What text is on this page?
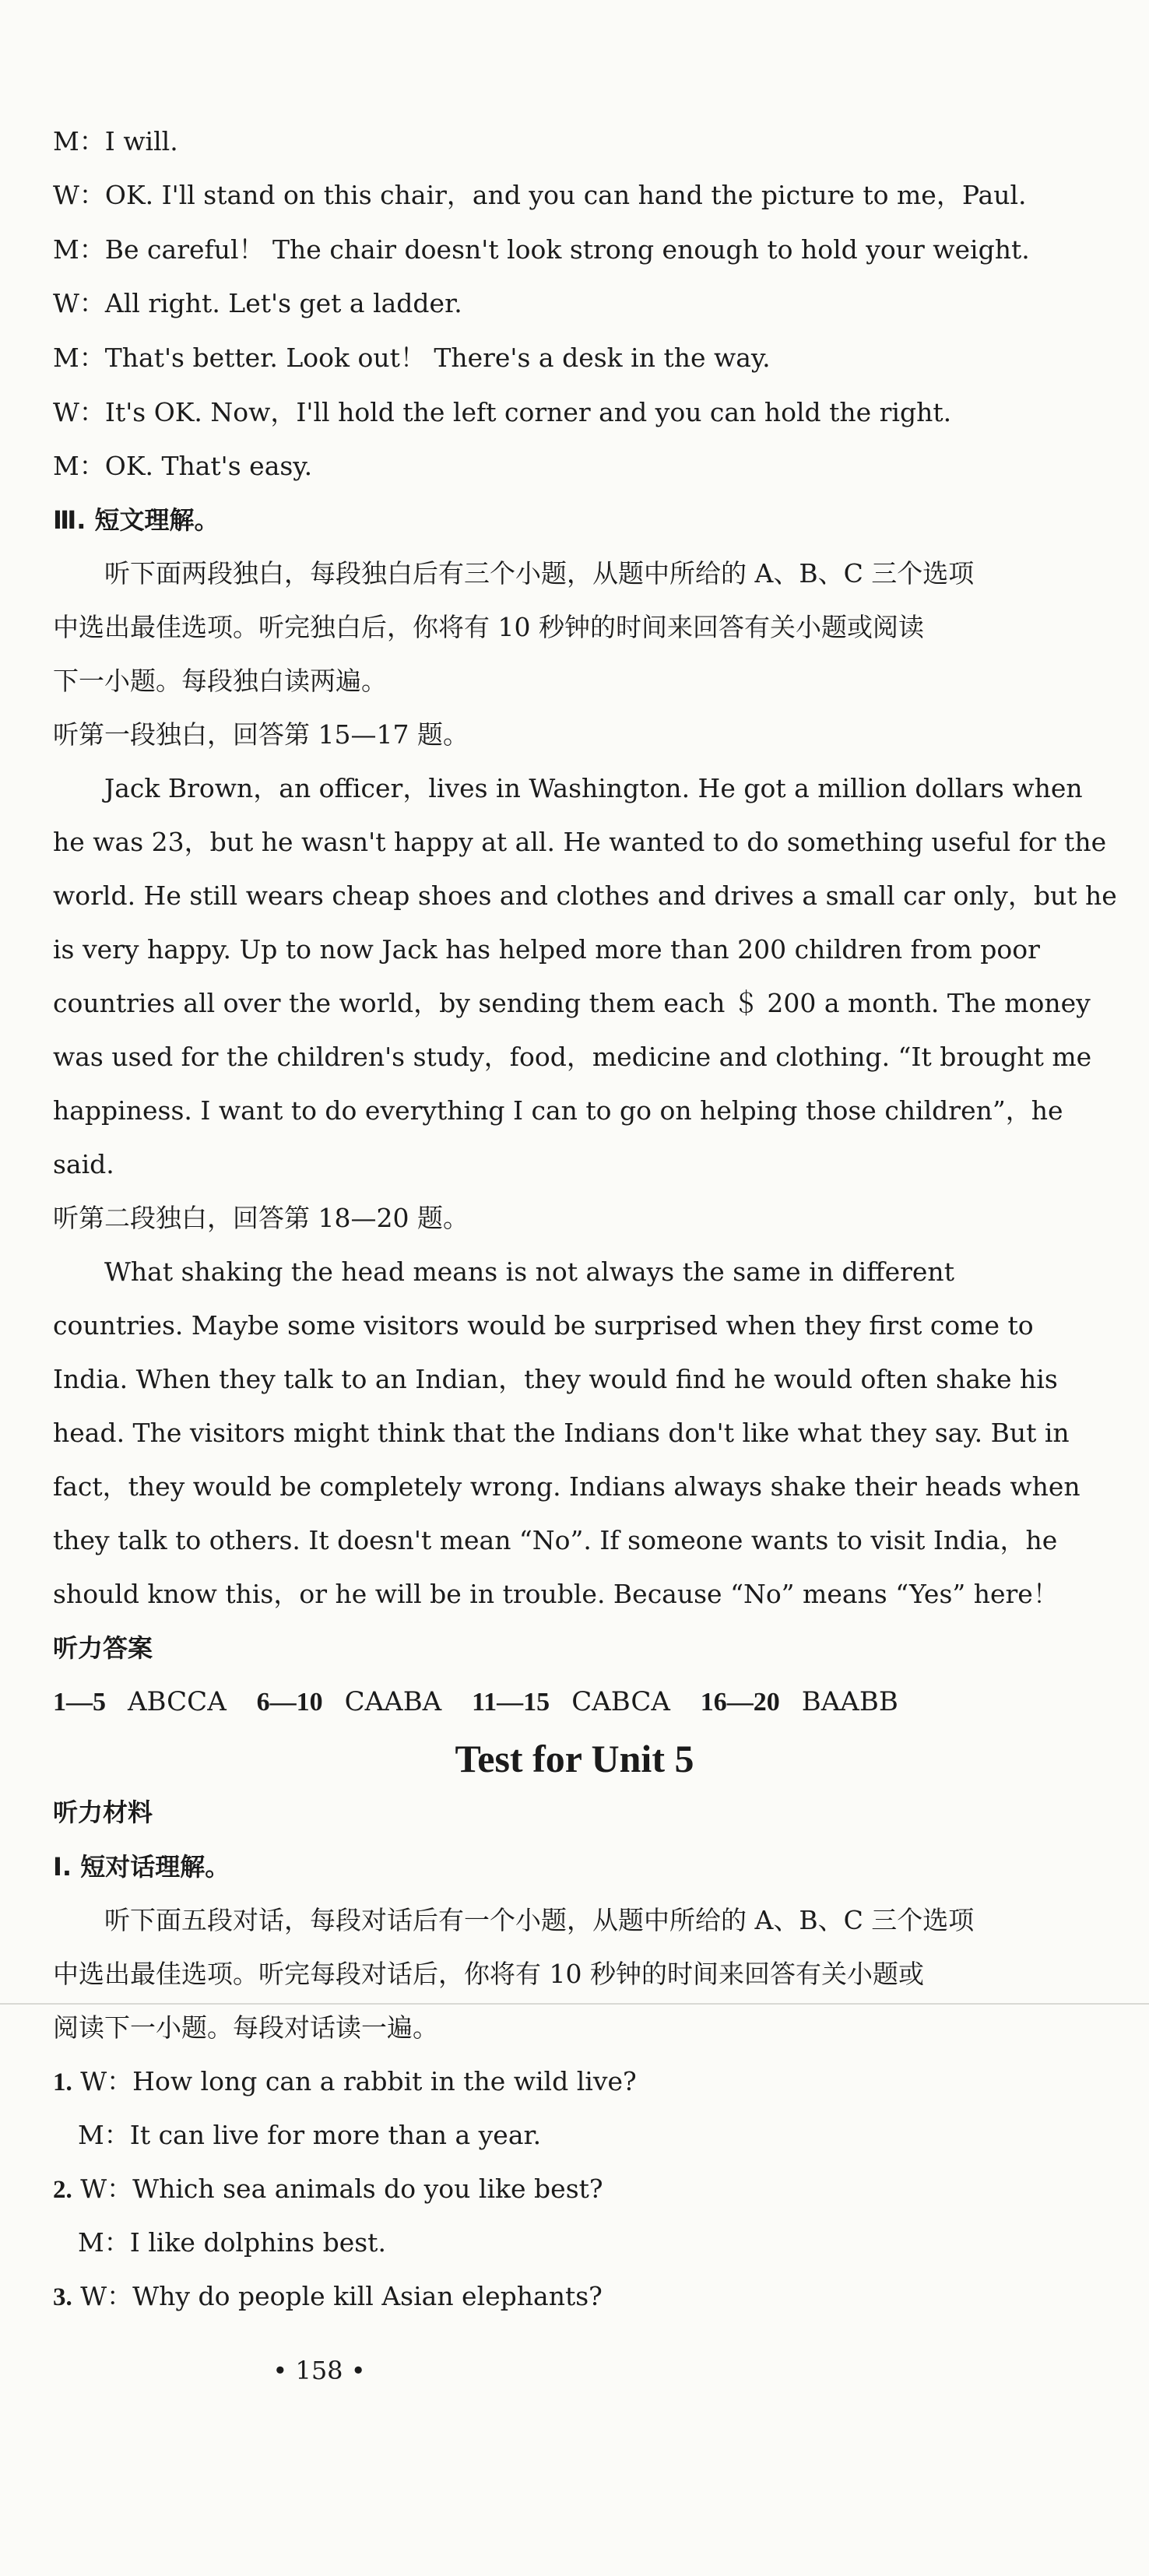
M：I will.
W：OK. I'll stand on this chair，and you can hand the picture to me，Paul.
M：Be careful！ The chair doesn't look strong enough to hold your weight.
W：All right. Let's get a ladder.
M：That's better. Look out！ There's a desk in the way.
W：It's OK. Now，I'll hold the left corner and you can hold the right.
M：OK. That's easy.
Ⅲ. 短文理解。
听下面两段独白，每段独白后有三个小题，从题中所给的 A、B、C 三个选项
中选出最佳选项。听完独白后，你将有 10 秒钟的时间来回答有关小题或阅读
下一小题。每段独白读两遍。
听第一段独白，回答第 15—17 题。
Jack Brown，an officer，lives in Washington. He got a million dollars when
he was 23，but he wasn't happy at all. He wanted to do something useful for the
world. He still wears cheap shoes and clothes and drives a small car only，but he
is very happy. Up to now Jack has helped more than 200 children from poor
countries all over the world，by sending them each ＄ 200 a month. The money
was used for the children's study，food，medicine and clothing. “It brought me
happiness. I want to do everything I can to go on helping those children”，he
said.
听第二段独白，回答第 18—20 题。
What shaking the head means is not always the same in different
countries. Maybe some visitors would be surprised when they first come to
India. When they talk to an Indian，they would find he would often shake his
head. The visitors might think that the Indians don't like what they say. But in
fact，they would be completely wrong. Indians always shake their heads when
they talk to others. It doesn't mean “No”. If someone wants to visit India，he
should know this，or he will be in trouble. Because “No” means “Yes” here！
听力答案
1—5 ABCCA 6—10 CAABA 11—15 CABCA 16—20 BAABB
Test for Unit 5
听力材料
Ⅰ. 短对话理解。
听下面五段对话，每段对话后有一个小题，从题中所给的 A、B、C 三个选项
中选出最佳选项。听完每段对话后，你将有 10 秒钟的时间来回答有关小题或
阅读下一小题。每段对话读一遍。
1. W：How long can a rabbit in the wild live?
M：It can live for more than a year.
2. W：Which sea animals do you like best?
M：I like dolphins best.
3. W：Why do people kill Asian elephants?
• 158 •
